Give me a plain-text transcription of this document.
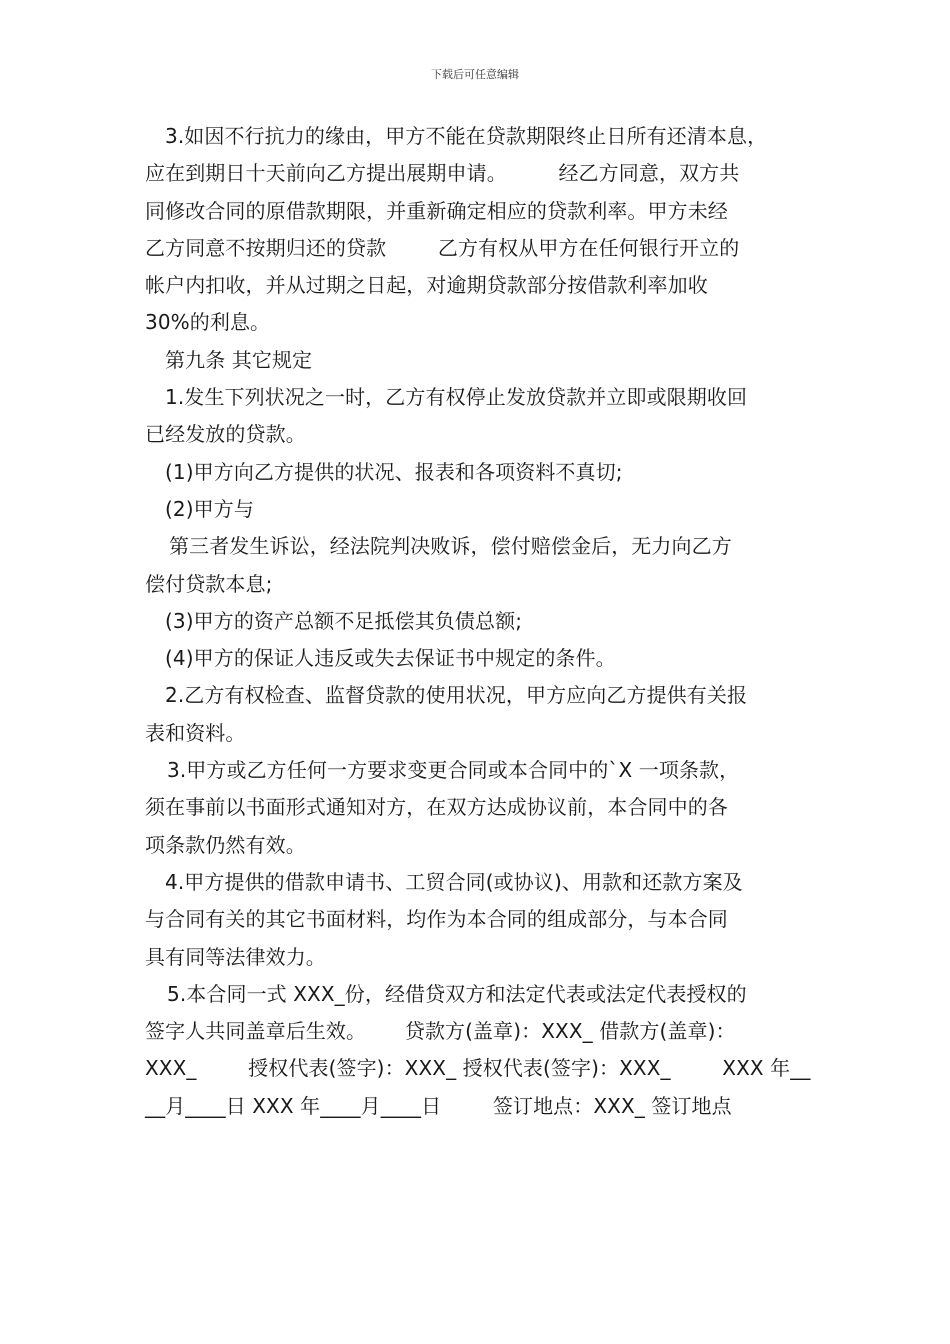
下载后可任意编辑
3.如因不行抗力的缘由，甲方不能在贷款期限终止日所有还清本息，
应在到期日十天前向乙方提出展期申请。        经乙方同意，双方共
同修改合同的原借款期限，并重新确定相应的贷款利率。甲方未经
乙方同意不按期归还的贷款        乙方有权从甲方在任何银行开立的
帐户内扣收，并从过期之日起，对逾期贷款部分按借款利率加收
30%的利息。
第九条 其它规定
1.发生下列状况之一时，乙方有权停止发放贷款并立即或限期收回
已经发放的贷款。
(1)甲方向乙方提供的状况、报表和各项资料不真切;
(2)甲方与
第三者发生诉讼，经法院判决败诉，偿付赔偿金后，无力向乙方
偿付贷款本息;
(3)甲方的资产总额不足抵偿其负债总额;
(4)甲方的保证人违反或失去保证书中规定的条件。
2.乙方有权检查、监督贷款的使用状况，甲方应向乙方提供有关报
表和资料。
3.甲方或乙方任何一方要求变更合同或本合同中的`X 一项条款，
须在事前以书面形式通知对方，在双方达成协议前，本合同中的各
项条款仍然有效。
4.甲方提供的借款申请书、工贸合同(或协议)、用款和还款方案及
与合同有关的其它书面材料，均作为本合同的组成部分，与本合同
具有同等法律效力。
5.本合同一式 XXX_份，经借贷双方和法定代表或法定代表授权的
签字人共同盖章后生效。      贷款方(盖章)：XXX_ 借款方(盖章)：
XXX_        授权代表(签字)：XXX_ 授权代表(签字)：XXX_        XXX 年__
__月____日 XXX 年____月____日        签订地点：XXX_ 签订地点
